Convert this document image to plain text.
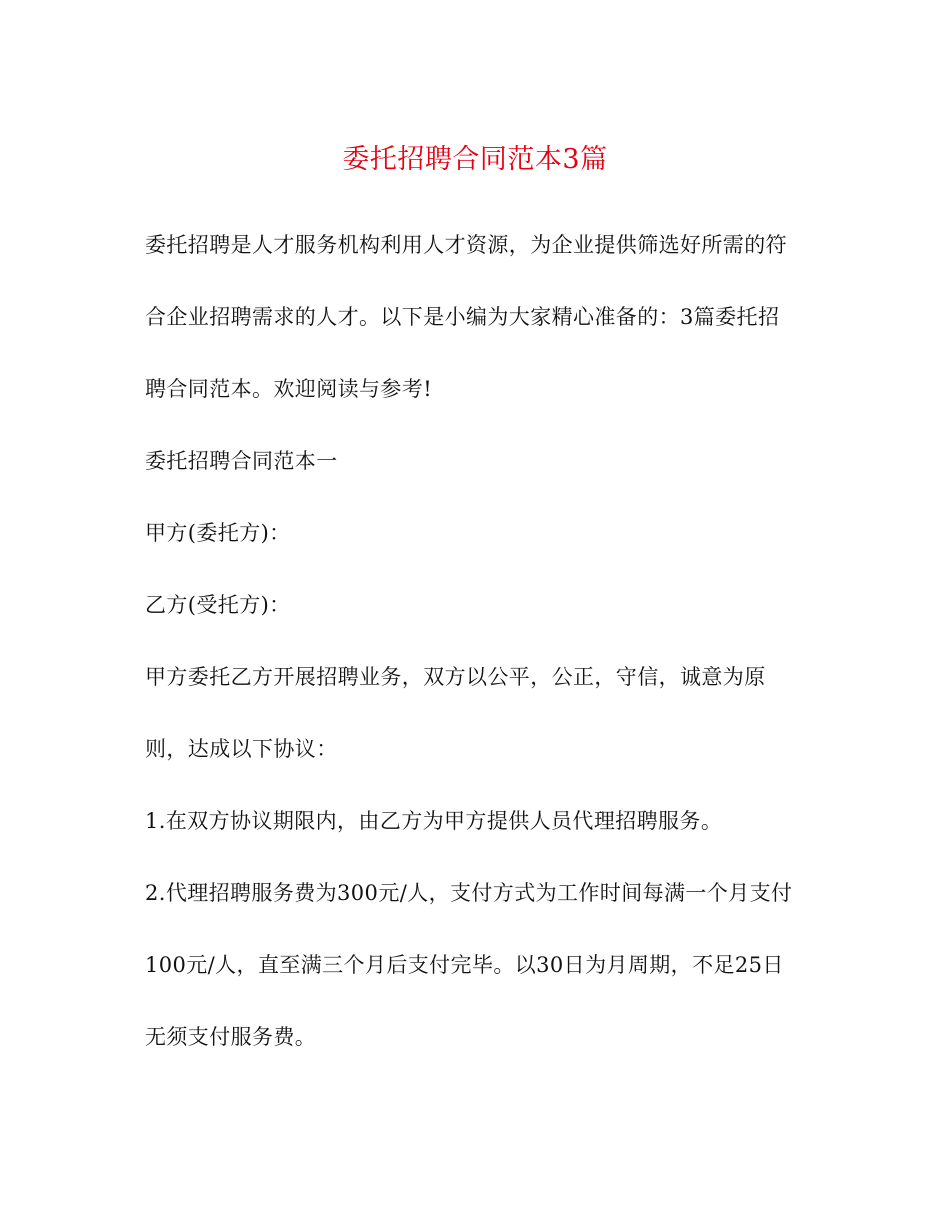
委托招聘合同范本3篇
委托招聘是人才服务机构利用人才资源，为企业提供筛选好所需的符
合企业招聘需求的人才。以下是小编为大家精心准备的：3篇委托招
聘合同范本。欢迎阅读与参考!
委托招聘合同范本一
甲方(委托方)：
乙方(受托方)：
甲方委托乙方开展招聘业务，双方以公平，公正，守信，诚意为原
则，达成以下协议：
1.在双方协议期限内，由乙方为甲方提供人员代理招聘服务。
2.代理招聘服务费为300元/人，支付方式为工作时间每满一个月支付
100元/人，直至满三个月后支付完毕。以30日为月周期，不足25日
无须支付服务费。
